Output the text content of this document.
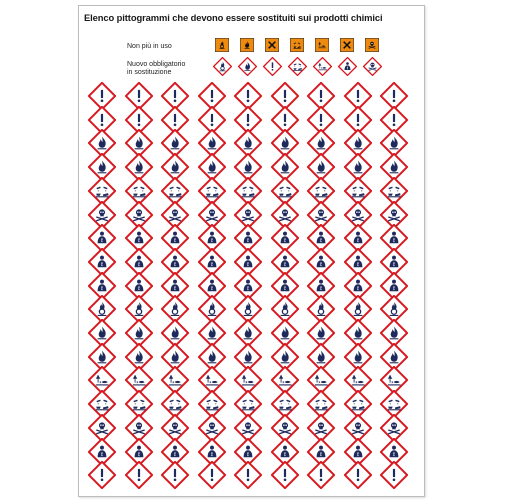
Elenco pittogrammi che devono essere sostituiti sui prodotti chimici
Non più in uso
Nuovo obbligatorio
in sostituzione
